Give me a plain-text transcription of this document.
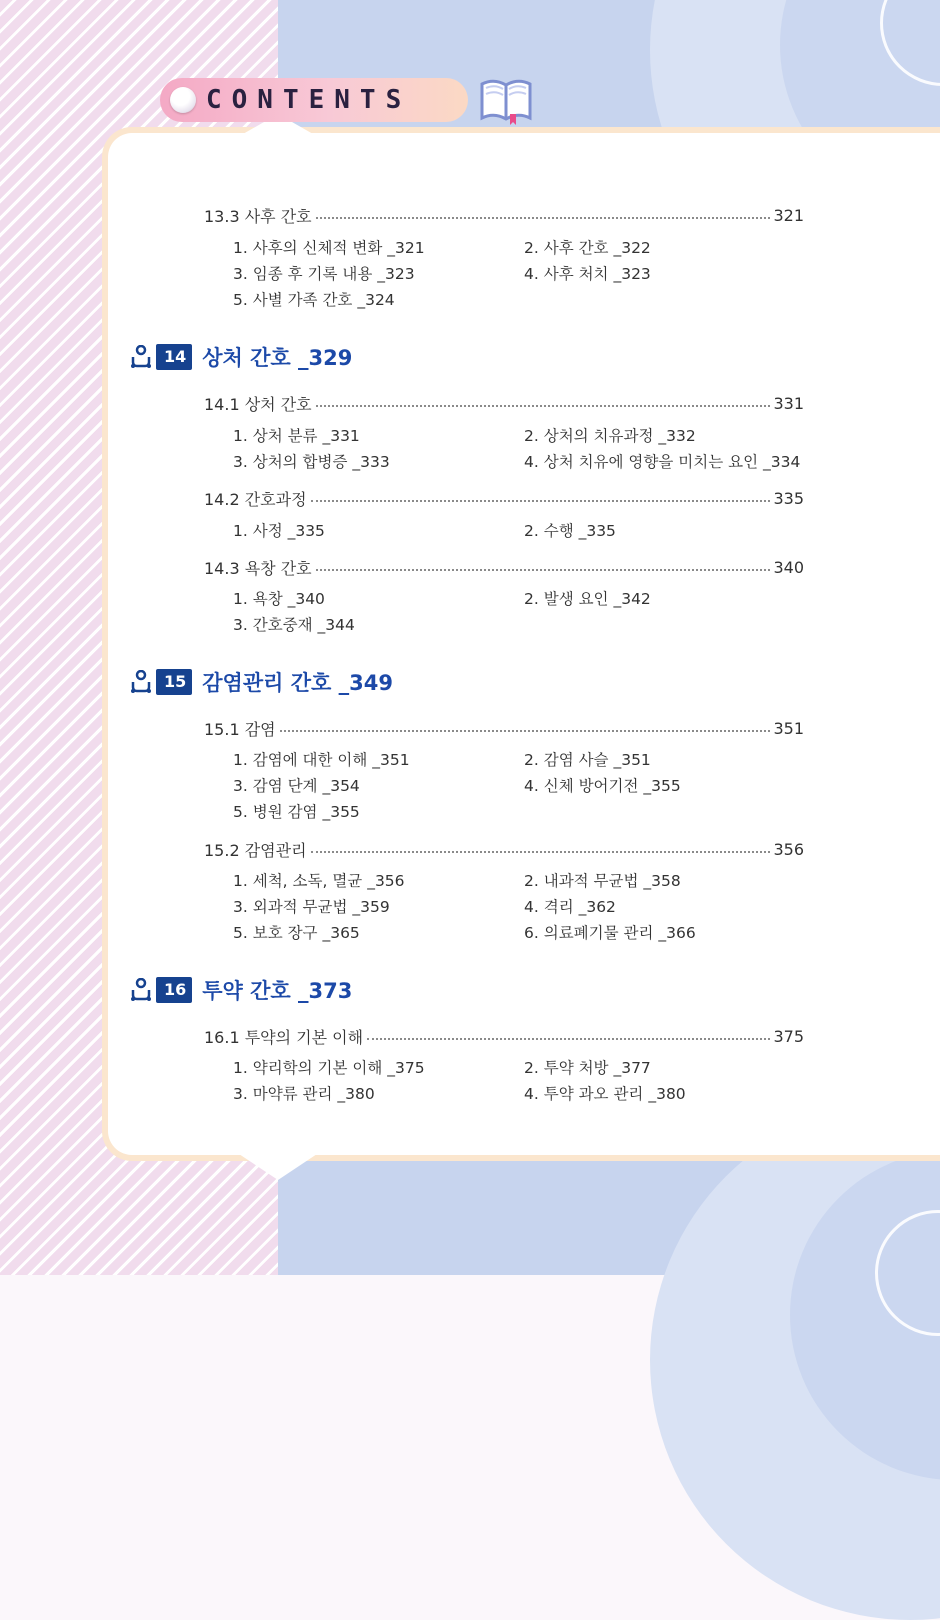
CONTENTS
13.3 사후 간호	321
1. 사후의 신체적 변화 _321	2. 사후 간호 _322
3. 임종 후 기록 내용 _323	4. 사후 처치 _323
5. 사별 가족 간호 _324
14 상처 간호 _329
14.1 상처 간호	331
1. 상처 분류 _331	2. 상처의 치유과정 _332
3. 상처의 합병증 _333	4. 상처 치유에 영향을 미치는 요인 _334
14.2 간호과정	335
1. 사정 _335	2. 수행 _335
14.3 욕창 간호	340
1. 욕창 _340	2. 발생 요인 _342
3. 간호중재 _344
15 감염관리 간호 _349
15.1 감염	351
1. 감염에 대한 이해 _351	2. 감염 사슬 _351
3. 감염 단계 _354	4. 신체 방어기전 _355
5. 병원 감염 _355
15.2 감염관리	356
1. 세척, 소독, 멸균 _356	2. 내과적 무균법 _358
3. 외과적 무균법 _359	4. 격리 _362
5. 보호 장구 _365	6. 의료폐기물 관리 _366
16 투약 간호 _373
16.1 투약의 기본 이해	375
1. 약리학의 기본 이해 _375	2. 투약 처방 _377
3. 마약류 관리 _380	4. 투약 과오 관리 _380
